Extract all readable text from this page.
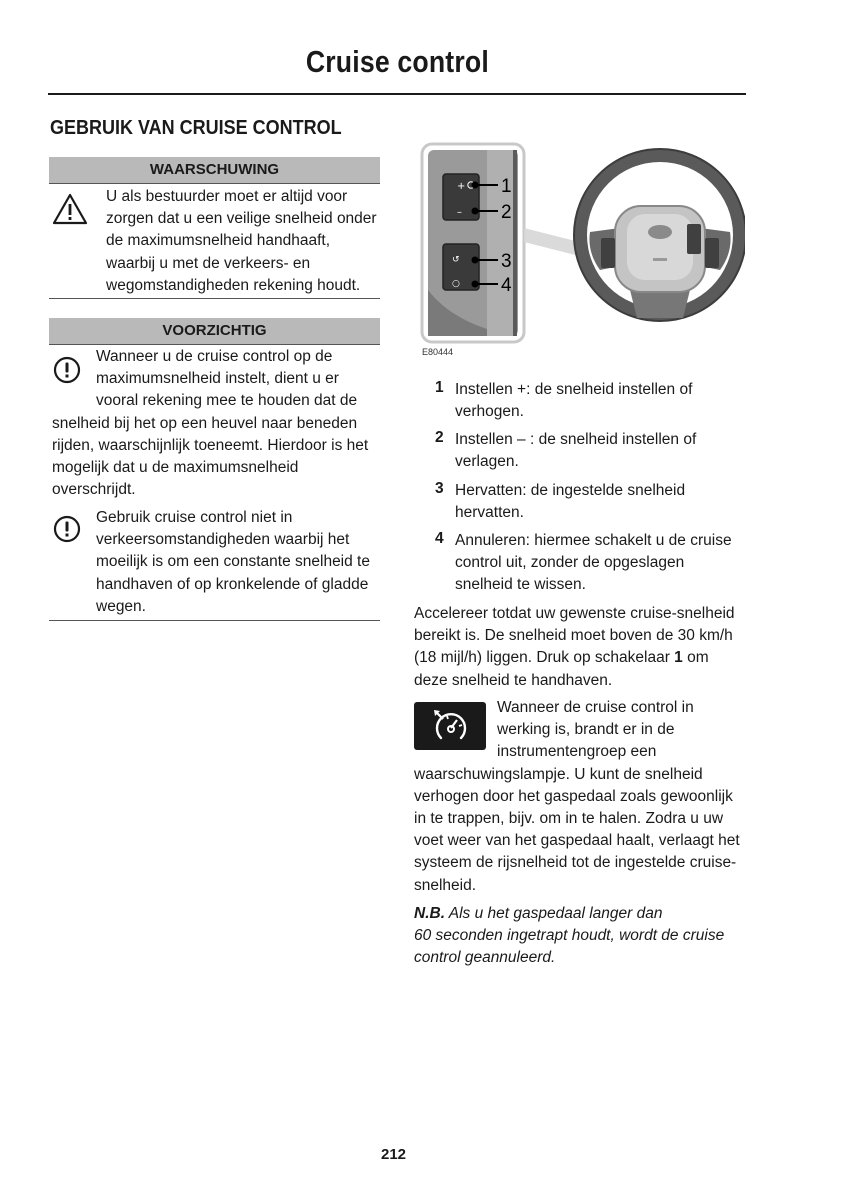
Cruise control
GEBRUIK VAN CRUISE CONTROL
WAARSCHUWING
U als bestuurder moet er altijd voor
zorgen dat u een veilige snelheid onder
de maximumsnelheid handhaaft,
waarbij u met de verkeers- en
wegomstandigheden rekening houdt.
VOORZICHTIG
Wanneer u de cruise control op de
maximumsnelheid instelt, dient u er
vooral rekening mee te houden dat de
snelheid bij het op een heuvel naar beneden
rijden, waarschijnlijk toeneemt. Hierdoor is het
mogelijk dat u de maximumsnelheid
overschrijdt.
Gebruik cruise control niet in
verkeersomstandigheden waarbij het
moeilijk is om een constante snelheid te
handhaven of op kronkelende of gladde
wegen.
+
–
↺
○
1
2
3
4
E80444
1 Instellen +: de snelheid instellen of
verhogen.
2 Instellen – : de snelheid instellen of
verlagen.
3 Hervatten: de ingestelde snelheid
hervatten.
4 Annuleren: hiermee schakelt u de cruise
control uit, zonder de opgeslagen
snelheid te wissen.
Accelereer totdat uw gewenste cruise-snelheid
bereikt is. De snelheid moet boven de 30 km/h
(18 mijl/h) liggen. Druk op schakelaar 1 om
deze snelheid te handhaven.
Wanneer de cruise control in
werking is, brandt er in de
instrumentengroep een
waarschuwingslampje. U kunt de snelheid
verhogen door het gaspedaal zoals gewoonlijk
in te trappen, bijv. om in te halen. Zodra u uw
voet weer van het gaspedaal haalt, verlaagt het
systeem de rijsnelheid tot de ingestelde cruise-
snelheid.
N.B. Als u het gaspedaal langer dan
60 seconden ingetrapt houdt, wordt de cruise
control geannuleerd.
212
